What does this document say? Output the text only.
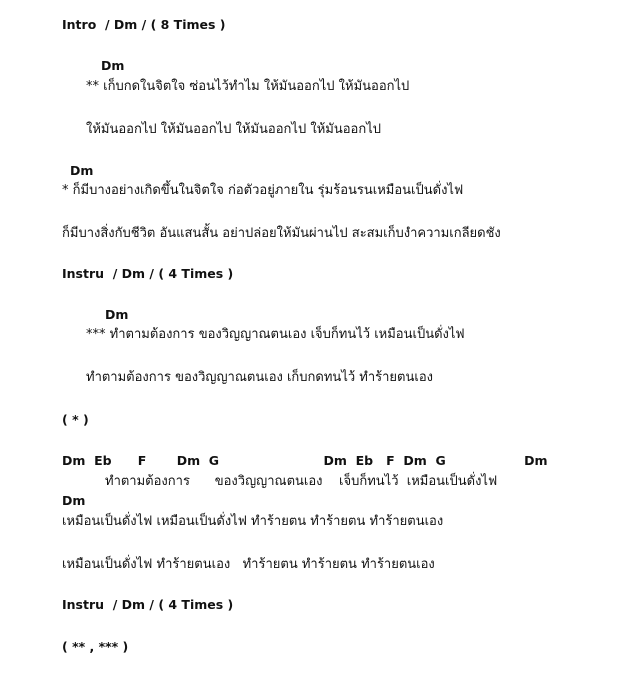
Intro  / Dm / ( 8 Times )
Dm
** เก็บกดในจิตใจ ซ่อนไว้ทำไม ให้มันออกไป ให้มันออกไป
ให้มันออกไป ให้มันออกไป ให้มันออกไป ให้มันออกไป
Dm
* ก็มีบางอย่างเกิดขึ้นในจิตใจ ก่อตัวอยู่ภายใน รุ่มร้อนรนเหมือนเป็นดั่งไฟ
ก็มีบางสิ่งกับชีวิต อันแสนสั้น อย่าปล่อยให้มันผ่านไป สะสมเก็บงำความเกลียดชัง
Instru  / Dm / ( 4 Times )
Dm
*** ทำตามต้องการ ของวิญญาณตนเอง เจ็บก็ทนไว้ เหมือนเป็นดั่งไฟ
ทำตามต้องการ ของวิญญาณตนเอง เก็บกดทนไว้ ทำร้ายตนเอง
( * )
Dm  Eb      F       Dm  G                        Dm  Eb   F  Dm  G                  Dm
ทำตามต้องการ      ของวิญญาณตนเอง    เจ็บก็ทนไว้  เหมือนเป็นดั่งไฟ
Dm
เหมือนเป็นดั่งไฟ เหมือนเป็นดั่งไฟ ทำร้ายตน ทำร้ายตน ทำร้ายตนเอง
เหมือนเป็นดั่งไฟ ทำร้ายตนเอง   ทำร้ายตน ทำร้ายตน ทำร้ายตนเอง
Instru  / Dm / ( 4 Times )
( ** , *** )
